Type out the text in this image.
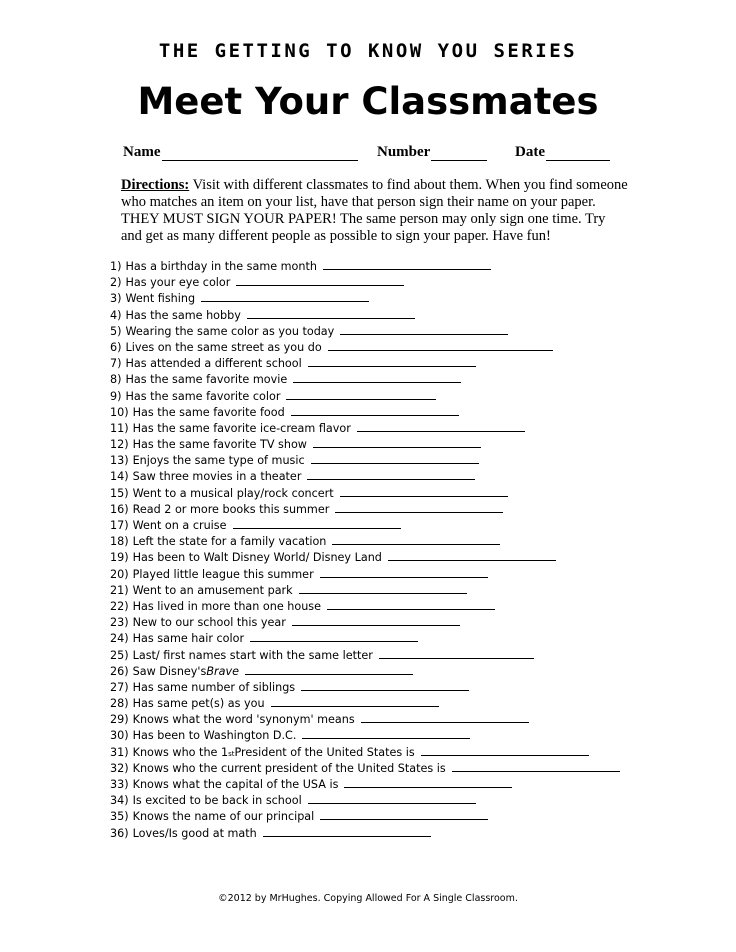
THE GETTING TO KNOW YOU SERIES
Meet Your Classmates
Name	Number	Date
Directions: Visit with different classmates to find about them. When you find someone who matches an item on your list, have that person sign their name on your paper. THEY MUST SIGN YOUR PAPER! The same person may only sign one time. Try and get as many different people as possible to sign your paper. Have fun!
1) Has a birthday in the same month
2) Has your eye color
3) Went fishing
4) Has the same hobby
5) Wearing the same color as you today
6) Lives on the same street as you do
7) Has attended a different school
8) Has the same favorite movie
9) Has the same favorite color
10) Has the same favorite food
11) Has the same favorite ice-cream flavor
12) Has the same favorite TV show
13) Enjoys the same type of music
14) Saw three movies in a theater
15) Went to a musical play/rock concert
16) Read 2 or more books this summer
17) Went on a cruise
18) Left the state for a family vacation
19) Has been to Walt Disney World/ Disney Land
20) Played little league this summer
21) Went to an amusement park
22) Has lived in more than one house
23) New to our school this year
24) Has same hair color
25) Last/ first names start with the same letter
26) Saw Disney's Brave
27) Has same number of siblings
28) Has same pet(s) as you
29) Knows what the word 'synonym' means
30) Has been to Washington D.C.
31) Knows who the 1 st President of the United States is
32) Knows who the current president of the United States is
33) Knows what the capital of the USA is
34) Is excited to be back in school
35) Knows the name of our principal
36) Loves/Is good at math
©2012 by MrHughes. Copying Allowed For A Single Classroom.
